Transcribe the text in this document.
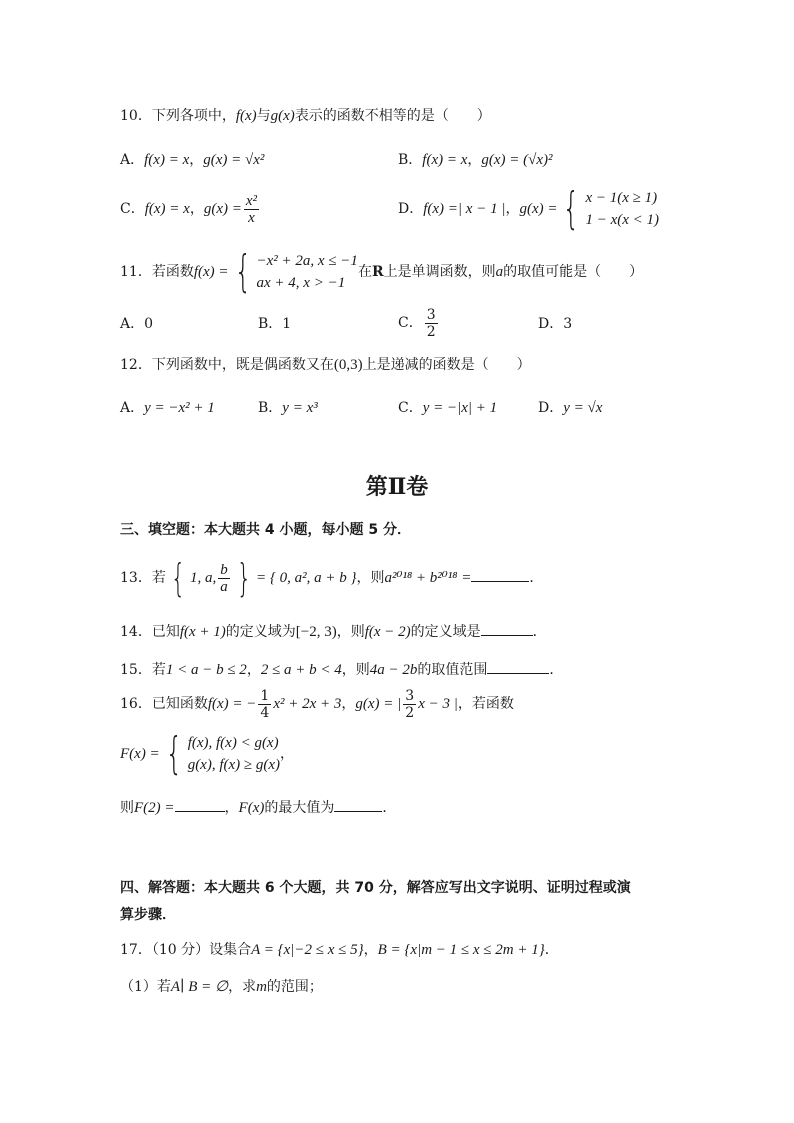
10．下列各项中，f(x)与g(x)表示的函数不相等的是（　　）
A．f(x) = x，g(x) = √x²	B．f(x) = x，g(x) = (√x)²
C．f(x) = x，$g(x) = \frac{\text{x²}}{x}$	D．f(x) =| x − 1 |，g(x) = { x − 1(x ≥ 1)
1 − x(x < 1)
11．若函数f(x) = { −x² + 2a, x ≤ −1
ax + 4, x > −1
在R上是单调函数，则a的取值可能是（　　）
A．0	B．1	C． $\frac{3}{2}$	D．3
12．下列函数中，既是偶函数又在(0,3)上是递减的函数是（　　）
A．y = −x² + 1	B．y = x³	C．y = −|x| + 1	D．y = √x
第Ⅱ卷
三、填空题：本大题共 4 小题，每小题 5 分．
13．若 { 1, a, $\frac{b}{a}$ } = { 0, a², a + b }，则a²⁰¹⁸ + b²⁰¹⁸ =	．
14．已知f(x + 1)的定义域为[−2, 3)，则f(x − 2)的定义域是	．
15．若1 < a − b ≤ 2，2 ≤ a + b < 4，则4a − 2b的取值范围	．
16．已知函数f(x) = − $\frac{1}{4} x^2 + 2x + 3$，g(x) = | $\frac{3}{2}$ x − 3 |，若函数
F(x) = { f(x), f(x) < g(x)
g(x), f(x) ≥ g(x)
，
则F(2) =	，F(x)的最大值为	．
四、解答题：本大题共 6 个大题，共 70 分，解答应写出文字说明、证明过程或演
算步骤．
17．（10 分）设集合A = {x|−2 ≤ x ≤ 5}，B = {x|m − 1 ≤ x ≤ 2m + 1}．
（1）若A∣ B = ∅，求m的范围；
